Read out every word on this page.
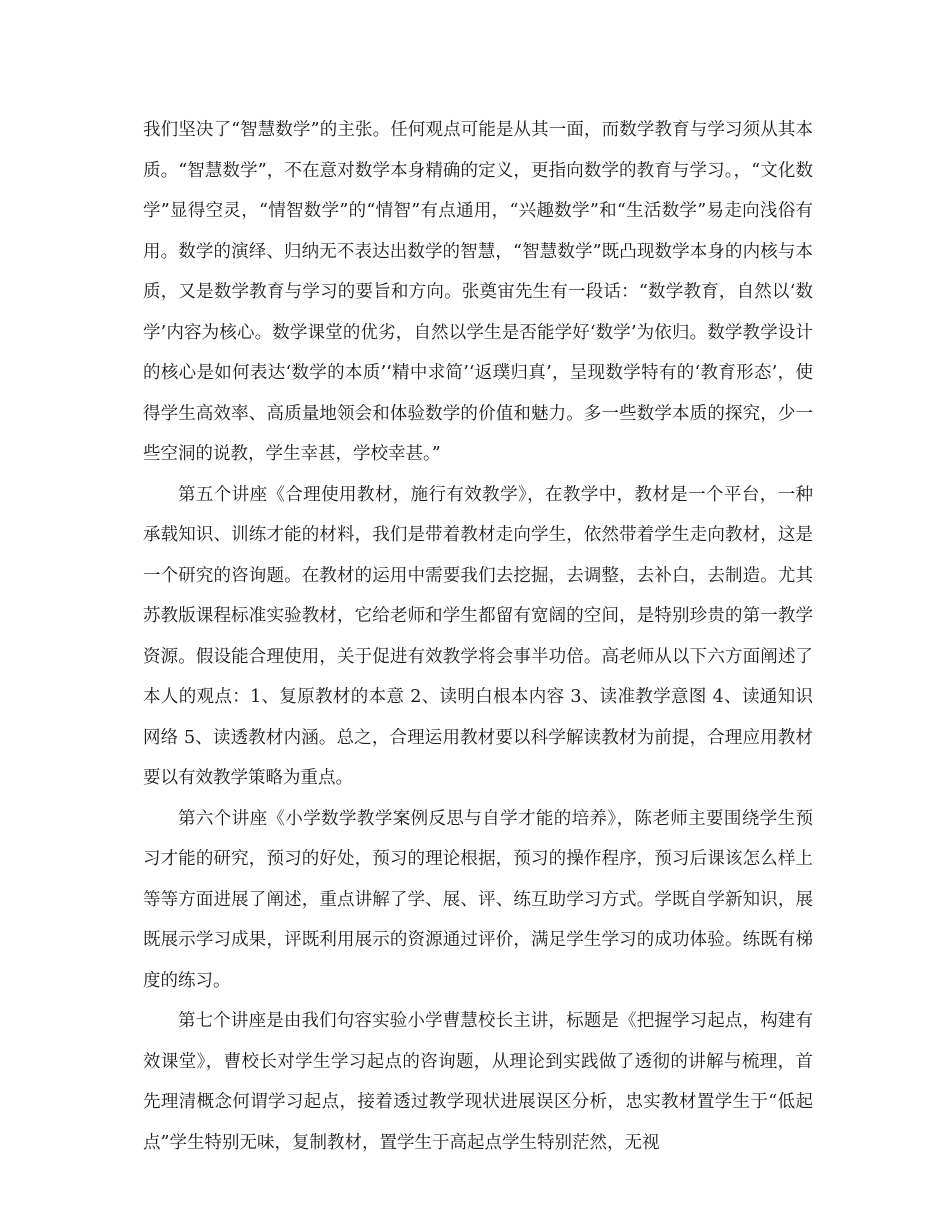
我们坚决了“智慧数学”的主张。任何观点可能是从其一面，而数学教育与学习须从其本质。“智慧数学”，不在意对数学本身精确的定义，更指向数学的教育与学习。，“文化数学”显得空灵，“情智数学”的“情智”有点通用，“兴趣数学”和“生活数学”易走向浅俗有用。数学的演绎、归纳无不表达出数学的智慧，“智慧数学”既凸现数学本身的内核与本质，又是数学教育与学习的要旨和方向。张奠宙先生有一段话：“数学教育，自然以‘数学’内容为核心。数学课堂的优劣，自然以学生是否能学好‘数学’为依归。数学教学设计的核心是如何表达‘数学的本质’‘精中求简’‘返璞归真’，呈现数学特有的‘教育形态’，使得学生高效率、高质量地领会和体验数学的价值和魅力。多一些数学本质的探究，少一些空洞的说教，学生幸甚，学校幸甚。”

第五个讲座《合理使用教材，施行有效教学》，在教学中，教材是一个平台，一种承载知识、训练才能的材料，我们是带着教材走向学生，依然带着学生走向教材，这是一个研究的咨询题。在教材的运用中需要我们去挖掘，去调整，去补白，去制造。尤其苏教版课程标准实验教材，它给老师和学生都留有宽阔的空间，是特别珍贵的第一教学资源。假设能合理使用，关于促进有效教学将会事半功倍。高老师从以下六方面阐述了本人的观点：1、复原教材的本意 2、读明白根本内容 3、读准教学意图 4、读通知识网络 5、读透教材内涵。总之，合理运用教材要以科学解读教材为前提，合理应用教材要以有效教学策略为重点。

第六个讲座《小学数学教学案例反思与自学才能的培养》，陈老师主要围绕学生预习才能的研究，预习的好处，预习的理论根据，预习的操作程序，预习后课该怎么样上等等方面进展了阐述，重点讲解了学、展、评、练互助学习方式。学既自学新知识，展既展示学习成果，评既利用展示的资源通过评价，满足学生学习的成功体验。练既有梯度的练习。

第七个讲座是由我们句容实验小学曹慧校长主讲，标题是《把握学习起点，构建有效课堂》，曹校长对学生学习起点的咨询题，从理论到实践做了透彻的讲解与梳理，首先理清概念何谓学习起点，接着透过教学现状进展误区分析，忠实教材置学生于“低起点”学生特别无味，复制教材，置学生于高起点学生特别茫然，无视
